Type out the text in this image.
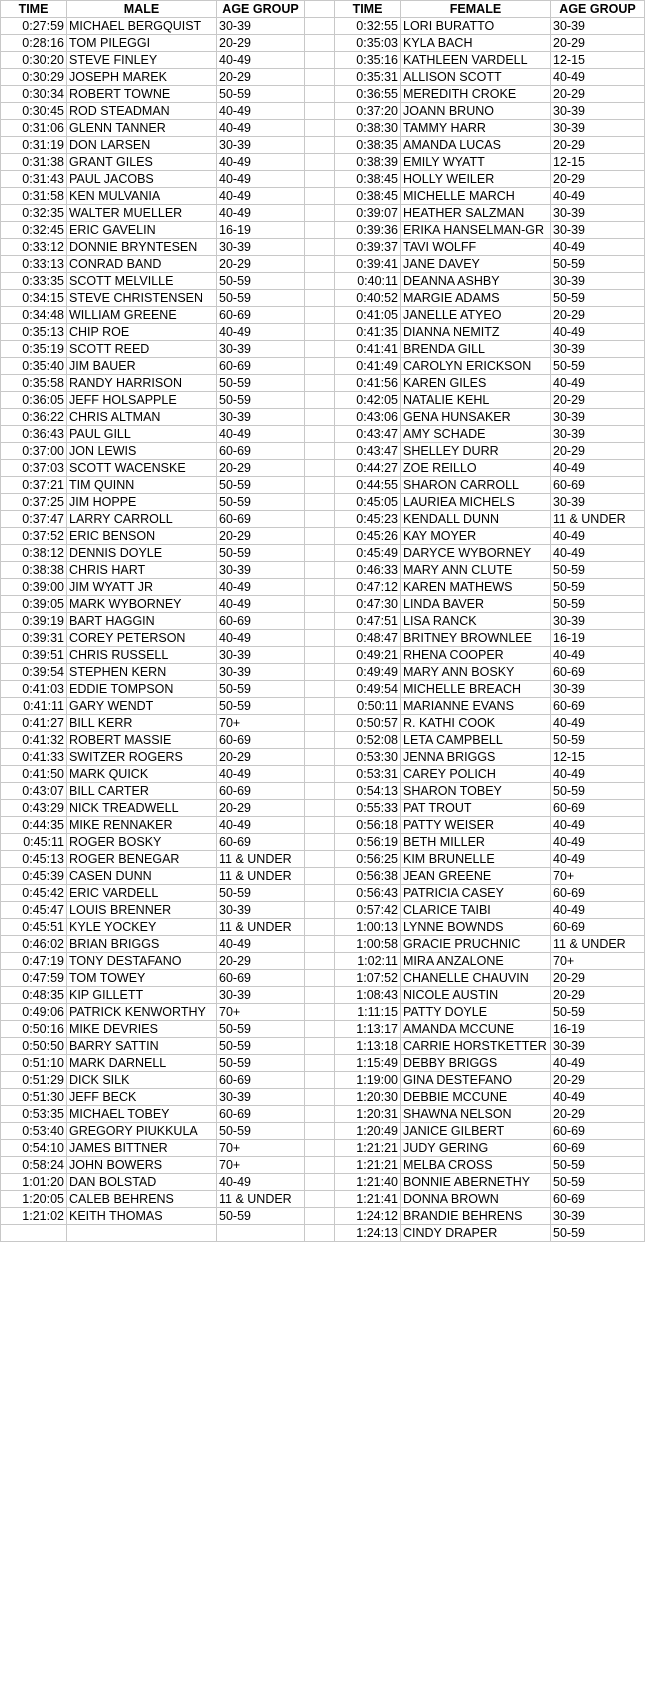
TIME	MALE	AGE GROUP		TIME	FEMALE	AGE GROUP
0:27:59	MICHAEL BERGQUIST	30-39		0:32:55	LORI BURATTO	30-39
0:28:16	TOM PILEGGI	20-29		0:35:03	KYLA BACH	20-29
0:30:20	STEVE FINLEY	40-49		0:35:16	KATHLEEN VARDELL	12-15
0:30:29	JOSEPH MAREK	20-29		0:35:31	ALLISON SCOTT	40-49
0:30:34	ROBERT TOWNE	50-59		0:36:55	MEREDITH CROKE	20-29
0:30:45	ROD STEADMAN	40-49		0:37:20	JOANN BRUNO	30-39
0:31:06	GLENN TANNER	40-49		0:38:30	TAMMY HARR	30-39
0:31:19	DON LARSEN	30-39		0:38:35	AMANDA LUCAS	20-29
0:31:38	GRANT GILES	40-49		0:38:39	EMILY WYATT	12-15
0:31:43	PAUL JACOBS	40-49		0:38:45	HOLLY WEILER	20-29
0:31:58	KEN MULVANIA	40-49		0:38:45	MICHELLE MARCH	40-49
0:32:35	WALTER MUELLER	40-49		0:39:07	HEATHER SALZMAN	30-39
0:32:45	ERIC GAVELIN	16-19		0:39:36	ERIKA HANSELMAN-GR	30-39
0:33:12	DONNIE BRYNTESEN	30-39		0:39:37	TAVI WOLFF	40-49
0:33:13	CONRAD BAND	20-29		0:39:41	JANE DAVEY	50-59
0:33:35	SCOTT MELVILLE	50-59		0:40:11	DEANNA ASHBY	30-39
0:34:15	STEVE CHRISTENSEN	50-59		0:40:52	MARGIE ADAMS	50-59
0:34:48	WILLIAM GREENE	60-69		0:41:05	JANELLE ATYEO	20-29
0:35:13	CHIP ROE	40-49		0:41:35	DIANNA NEMITZ	40-49
0:35:19	SCOTT REED	30-39		0:41:41	BRENDA GILL	30-39
0:35:40	JIM BAUER	60-69		0:41:49	CAROLYN ERICKSON	50-59
0:35:58	RANDY HARRISON	50-59		0:41:56	KAREN GILES	40-49
0:36:05	JEFF HOLSAPPLE	50-59		0:42:05	NATALIE KEHL	20-29
0:36:22	CHRIS ALTMAN	30-39		0:43:06	GENA HUNSAKER	30-39
0:36:43	PAUL GILL	40-49		0:43:47	AMY SCHADE	30-39
0:37:00	JON LEWIS	60-69		0:43:47	SHELLEY DURR	20-29
0:37:03	SCOTT WACENSKE	20-29		0:44:27	ZOE REILLO	40-49
0:37:21	TIM QUINN	50-59		0:44:55	SHARON CARROLL	60-69
0:37:25	JIM HOPPE	50-59		0:45:05	LAURIEA MICHELS	30-39
0:37:47	LARRY CARROLL	60-69		0:45:23	KENDALL DUNN	11 & UNDER
0:37:52	ERIC BENSON	20-29		0:45:26	KAY MOYER	40-49
0:38:12	DENNIS DOYLE	50-59		0:45:49	DARYCE WYBORNEY	40-49
0:38:38	CHRIS HART	30-39		0:46:33	MARY ANN CLUTE	50-59
0:39:00	JIM WYATT JR	40-49		0:47:12	KAREN MATHEWS	50-59
0:39:05	MARK WYBORNEY	40-49		0:47:30	LINDA BAVER	50-59
0:39:19	BART HAGGIN	60-69		0:47:51	LISA RANCK	30-39
0:39:31	COREY PETERSON	40-49		0:48:47	BRITNEY BROWNLEE	16-19
0:39:51	CHRIS RUSSELL	30-39		0:49:21	RHENA COOPER	40-49
0:39:54	STEPHEN KERN	30-39		0:49:49	MARY ANN BOSKY	60-69
0:41:03	EDDIE TOMPSON	50-59		0:49:54	MICHELLE BREACH	30-39
0:41:11	GARY WENDT	50-59		0:50:11	MARIANNE EVANS	60-69
0:41:27	BILL KERR	70+		0:50:57	R. KATHI COOK	40-49
0:41:32	ROBERT MASSIE	60-69		0:52:08	LETA CAMPBELL	50-59
0:41:33	SWITZER ROGERS	20-29		0:53:30	JENNA BRIGGS	12-15
0:41:50	MARK QUICK	40-49		0:53:31	CAREY POLICH	40-49
0:43:07	BILL CARTER	60-69		0:54:13	SHARON TOBEY	50-59
0:43:29	NICK TREADWELL	20-29		0:55:33	PAT TROUT	60-69
0:44:35	MIKE RENNAKER	40-49		0:56:18	PATTY WEISER	40-49
0:45:11	ROGER BOSKY	60-69		0:56:19	BETH MILLER	40-49
0:45:13	ROGER BENEGAR	11 & UNDER		0:56:25	KIM BRUNELLE	40-49
0:45:39	CASEN DUNN	11 & UNDER		0:56:38	JEAN GREENE	70+
0:45:42	ERIC VARDELL	50-59		0:56:43	PATRICIA CASEY	60-69
0:45:47	LOUIS BRENNER	30-39		0:57:42	CLARICE TAIBI	40-49
0:45:51	KYLE YOCKEY	11 & UNDER		1:00:13	LYNNE BOWNDS	60-69
0:46:02	BRIAN BRIGGS	40-49		1:00:58	GRACIE PRUCHNIC	11 & UNDER
0:47:19	TONY DESTAFANO	20-29		1:02:11	MIRA ANZALONE	70+
0:47:59	TOM TOWEY	60-69		1:07:52	CHANELLE CHAUVIN	20-29
0:48:35	KIP GILLETT	30-39		1:08:43	NICOLE AUSTIN	20-29
0:49:06	PATRICK KENWORTHY	70+		1:11:15	PATTY DOYLE	50-59
0:50:16	MIKE DEVRIES	50-59		1:13:17	AMANDA MCCUNE	16-19
0:50:50	BARRY SATTIN	50-59		1:13:18	CARRIE HORSTKETTER	30-39
0:51:10	MARK DARNELL	50-59		1:15:49	DEBBY BRIGGS	40-49
0:51:29	DICK SILK	60-69		1:19:00	GINA DESTEFANO	20-29
0:51:30	JEFF BECK	30-39		1:20:30	DEBBIE MCCUNE	40-49
0:53:35	MICHAEL TOBEY	60-69		1:20:31	SHAWNA NELSON	20-29
0:53:40	GREGORY PIUKKULA	50-59		1:20:49	JANICE GILBERT	60-69
0:54:10	JAMES BITTNER	70+		1:21:21	JUDY GERING	60-69
0:58:24	JOHN BOWERS	70+		1:21:21	MELBA CROSS	50-59
1:01:20	DAN BOLSTAD	40-49		1:21:40	BONNIE ABERNETHY	50-59
1:20:05	CALEB BEHRENS	11 & UNDER		1:21:41	DONNA BROWN	60-69
1:21:02	KEITH THOMAS	50-59		1:24:12	BRANDIE BEHRENS	30-39
				1:24:13	CINDY DRAPER	50-59
